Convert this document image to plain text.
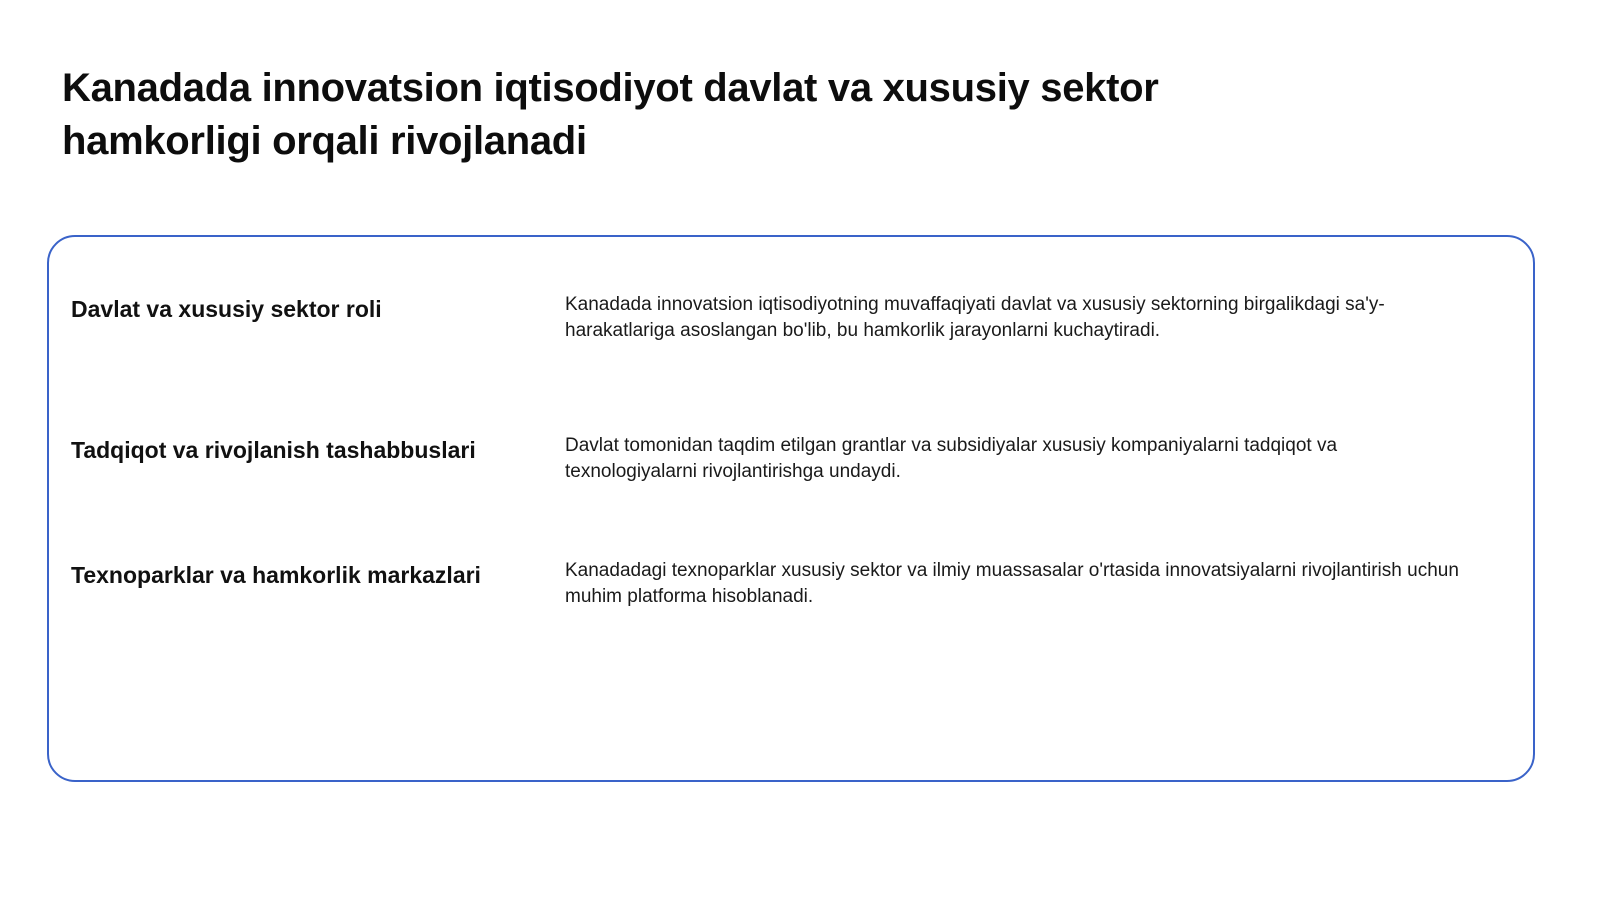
Kanadada innovatsion iqtisodiyot davlat va xususiy sektor hamkorligi orqali rivojlanadi
Davlat va xususiy sektor roli	Kanadada innovatsion iqtisodiyotning muvaffaqiyati davlat va xususiy sektorning birgalikdagi sa'y-harakatlariga asoslangan bo'lib, bu hamkorlik jarayonlarni kuchaytiradi.

Tadqiqot va rivojlanish tashabbuslari	Davlat tomonidan taqdim etilgan grantlar va subsidiyalar xususiy kompaniyalarni tadqiqot va texnologiyalarni rivojlantirishga undaydi.

Texnoparklar va hamkorlik markazlari	Kanadadagi texnoparklar xususiy sektor va ilmiy muassasalar o'rtasida innovatsiyalarni rivojlantirish uchun muhim platforma hisoblanadi.
